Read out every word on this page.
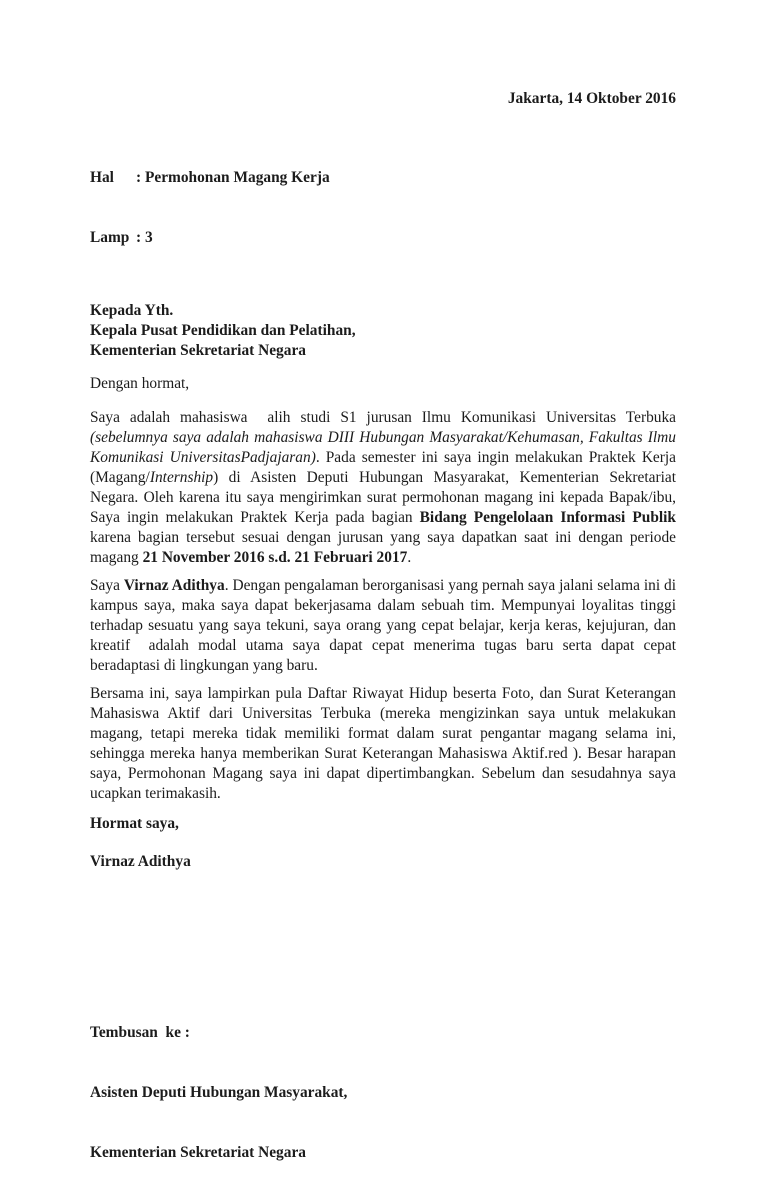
Jakarta, 14 Oktober 2016

Hal : Permohonan Magang Kerja

Lamp : 3

Kepada Yth.
Kepala Pusat Pendidikan dan Pelatihan,
Kementerian Sekretariat Negara
Dengan hormat,

Saya adalah mahasiswa  alih studi S1 jurusan Ilmu Komunikasi Universitas Terbuka (sebelumnya saya adalah mahasiswa DIII Hubungan Masyarakat/Kehumasan, Fakultas Ilmu Komunikasi UniversitasPadjajaran). Pada semester ini saya ingin melakukan Praktek Kerja (Magang/Internship) di Asisten Deputi Hubungan Masyarakat, Kementerian Sekretariat Negara. Oleh karena itu saya mengirimkan surat permohonan magang ini kepada Bapak/ibu, Saya ingin melakukan Praktek Kerja pada bagian Bidang Pengelolaan Informasi Publik karena bagian tersebut sesuai dengan jurusan yang saya dapatkan saat ini dengan periode magang 21 November 2016 s.d. 21 Februari 2017.

Saya Virnaz Adithya. Dengan pengalaman berorganisasi yang pernah saya jalani selama ini di kampus saya, maka saya dapat bekerjasama dalam sebuah tim. Mempunyai loyalitas tinggi terhadap sesuatu yang saya tekuni, saya orang yang cepat belajar, kerja keras, kejujuran, dan kreatif  adalah modal utama saya dapat cepat menerima tugas baru serta dapat cepat beradaptasi di lingkungan yang baru.

Bersama ini, saya lampirkan pula Daftar Riwayat Hidup beserta Foto, dan Surat Keterangan Mahasiswa Aktif dari Universitas Terbuka (mereka mengizinkan saya untuk melakukan magang, tetapi mereka tidak memiliki format dalam surat pengantar magang selama ini, sehingga mereka hanya memberikan Surat Keterangan Mahasiswa Aktif.red ). Besar harapan saya, Permohonan Magang saya ini dapat dipertimbangkan. Sebelum dan sesudahnya saya ucapkan terimakasih.

Hormat saya,
Virnaz Adithya

Tembusan  ke :

Asisten Deputi Hubungan Masyarakat,

Kementerian Sekretariat Negara
